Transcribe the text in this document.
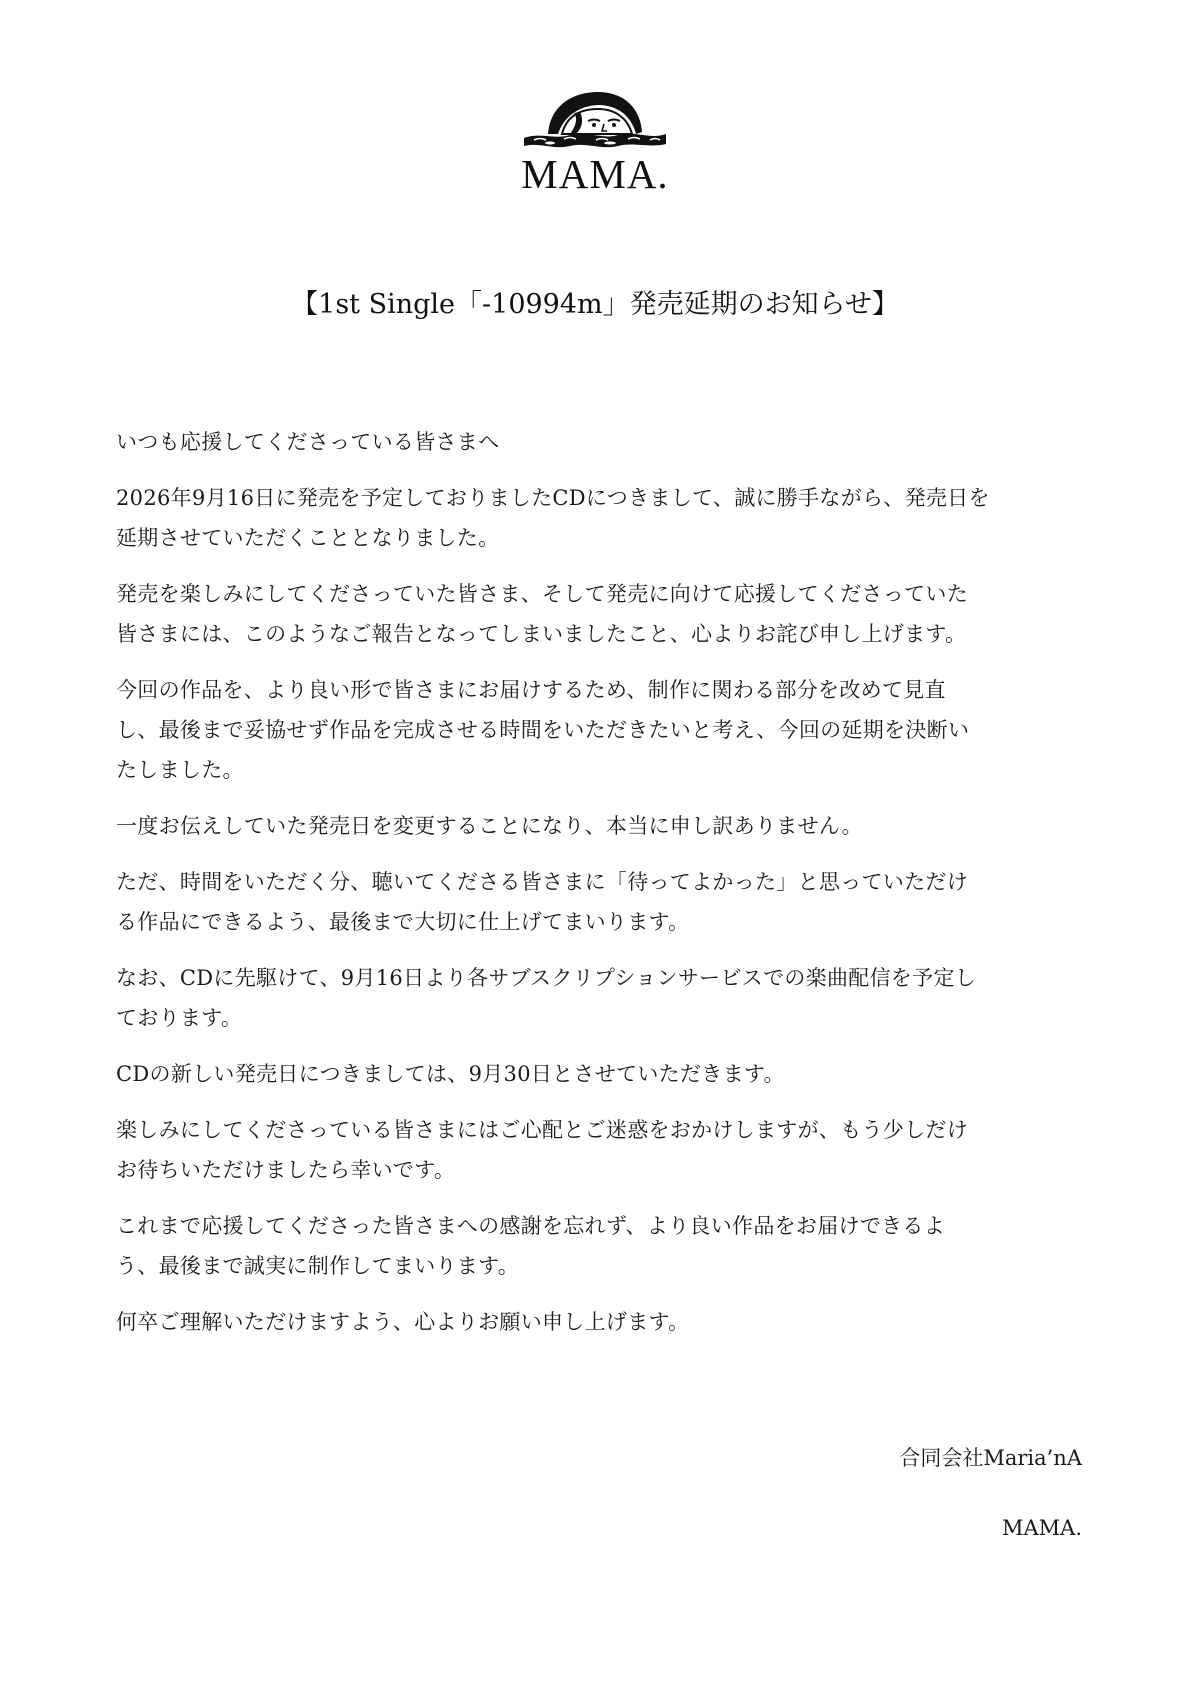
MAMA.
【1st Single「-10994m」発売延期のお知らせ】

いつも応援してくださっている皆さまへ

2026年9月16日に発売を予定しておりましたCDにつきまして、誠に勝手ながら、発売日を
延期させていただくこととなりました。

発売を楽しみにしてくださっていた皆さま、そして発売に向けて応援してくださっていた
皆さまには、このようなご報告となってしまいましたこと、心よりお詫び申し上げます。

今回の作品を、より良い形で皆さまにお届けするため、制作に関わる部分を改めて見直
し、最後まで妥協せず作品を完成させる時間をいただきたいと考え、今回の延期を決断い
たしました。

一度お伝えしていた発売日を変更することになり、本当に申し訳ありません。

ただ、時間をいただく分、聴いてくださる皆さまに「待ってよかった」と思っていただけ
る作品にできるよう、最後まで大切に仕上げてまいります。

なお、CDに先駆けて、9月16日より各サブスクリプションサービスでの楽曲配信を予定し
ております。

CDの新しい発売日につきましては、9月30日とさせていただきます。

楽しみにしてくださっている皆さまにはご心配とご迷惑をおかけしますが、もう少しだけ
お待ちいただけましたら幸いです。

これまで応援してくださった皆さまへの感謝を忘れず、より良い作品をお届けできるよ
う、最後まで誠実に制作してまいります。

何卒ご理解いただけますよう、心よりお願い申し上げます。

合同会社Maria’nA
MAMA.
